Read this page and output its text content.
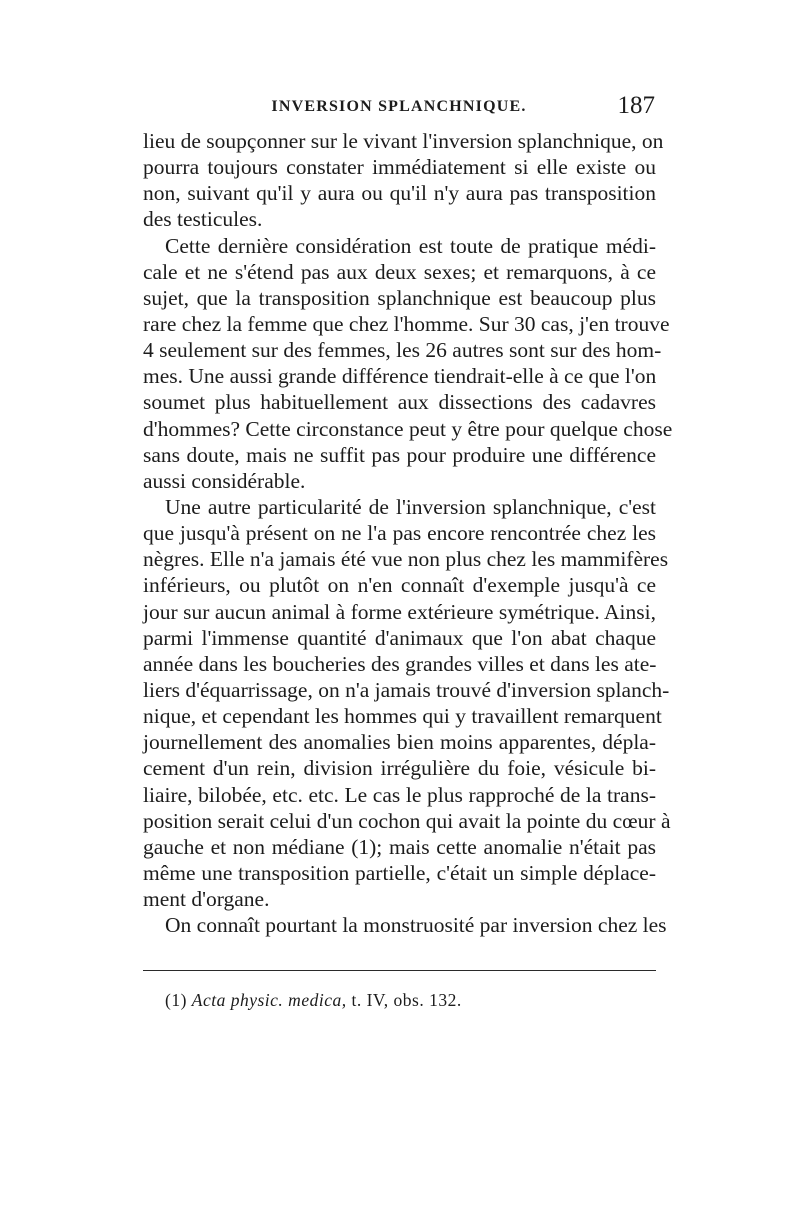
INVERSION SPLANCHNIQUE.	187
lieu de soupçonner sur le vivant l'inversion splanchnique, on
pourra toujours constater immédiatement si elle existe ou
non, suivant qu'il y aura ou qu'il n'y aura pas transposition
des testicules.
Cette dernière considération est toute de pratique médi-
cale et ne s'étend pas aux deux sexes; et remarquons, à ce
sujet, que la transposition splanchnique est beaucoup plus
rare chez la femme que chez l'homme. Sur 30 cas, j'en trouve
4 seulement sur des femmes, les 26 autres sont sur des hom-
mes. Une aussi grande différence tiendrait-elle à ce que l'on
soumet plus habituellement aux dissections des cadavres
d'hommes? Cette circonstance peut y être pour quelque chose
sans doute, mais ne suffit pas pour produire une différence
aussi considérable.
Une autre particularité de l'inversion splanchnique, c'est
que jusqu'à présent on ne l'a pas encore rencontrée chez les
nègres. Elle n'a jamais été vue non plus chez les mammifères
inférieurs, ou plutôt on n'en connaît d'exemple jusqu'à ce
jour sur aucun animal à forme extérieure symétrique. Ainsi,
parmi l'immense quantité d'animaux que l'on abat chaque
année dans les boucheries des grandes villes et dans les ate-
liers d'équarrissage, on n'a jamais trouvé d'inversion splanch-
nique, et cependant les hommes qui y travaillent remarquent
journellement des anomalies bien moins apparentes, dépla-
cement d'un rein, division irrégulière du foie, vésicule bi-
liaire, bilobée, etc. etc. Le cas le plus rapproché de la trans-
position serait celui d'un cochon qui avait la pointe du cœur à
gauche et non médiane (1); mais cette anomalie n'était pas
même une transposition partielle, c'était un simple déplace-
ment d'organe.
On connaît pourtant la monstruosité par inversion chez les
(1) Acta physic. medica, t. IV, obs. 132.
